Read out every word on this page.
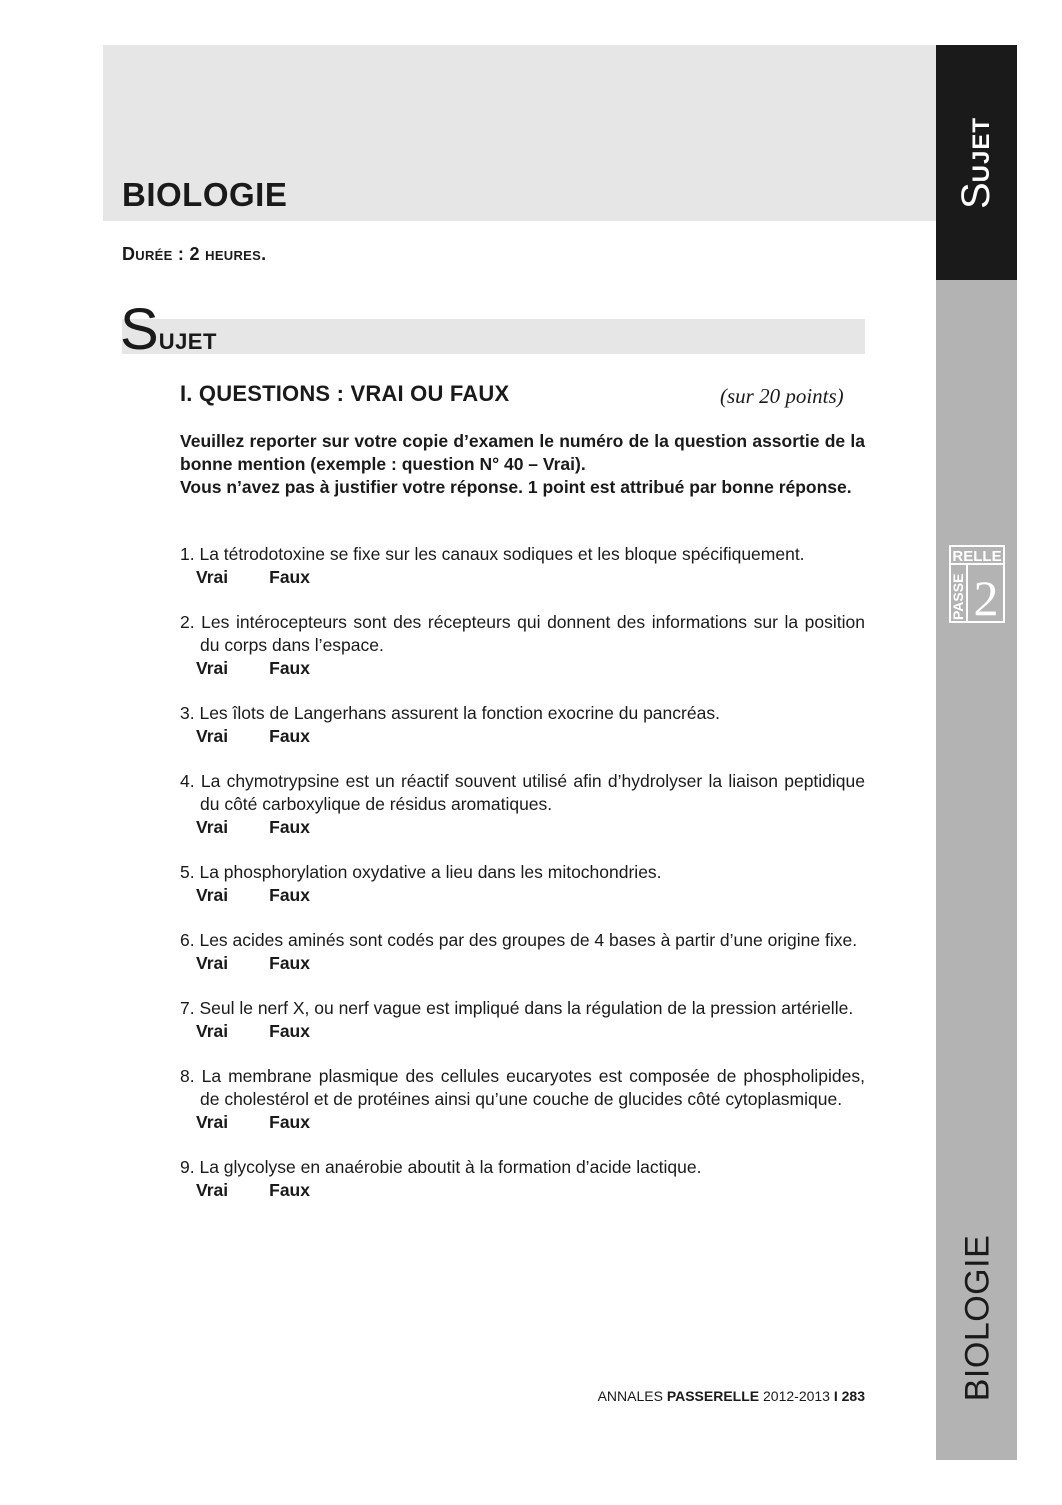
BIOLOGIE
Durée : 2 heures.
SUJET
I. QUESTIONS : VRAI OU FAUX	(sur 20 points)

Veuillez reporter sur votre copie d’examen le numéro de la question assortie de la bonne mention (exemple : question N° 40 – Vrai).

Vous n’avez pas à justifier votre réponse. 1 point est attribué par bonne réponse.

1. La tétrodotoxine se fixe sur les canaux sodiques et les bloque spécifiquement.

Vrai Faux

2. Les intérocepteurs sont des récepteurs qui donnent des informations sur la position du corps dans l’espace.

Vrai Faux

3. Les îlots de Langerhans assurent la fonction exocrine du pancréas.

Vrai Faux

4. La chymotrypsine est un réactif souvent utilisé afin d’hydrolyser la liaison peptidique du côté carboxylique de résidus aromatiques.

Vrai Faux

5. La phosphorylation oxydative a lieu dans les mitochondries.

Vrai Faux

6. Les acides aminés sont codés par des groupes de 4 bases à partir d’une origine fixe.

Vrai Faux

7. Seul le nerf X, ou nerf vague est impliqué dans la régulation de la pression artérielle.

Vrai Faux

8. La membrane plasmique des cellules eucaryotes est composée de phospholipides, de cholestérol et de protéines ainsi qu’une couche de glucides côté cytoplasmique.

Vrai Faux

9. La glycolyse en anaérobie aboutit à la formation d’acide lactique.

Vrai Faux
ANNALES PASSERELLE 2012-2013 I 283
SUJET
BIOLOGIE
RELLE
PASSE 2
